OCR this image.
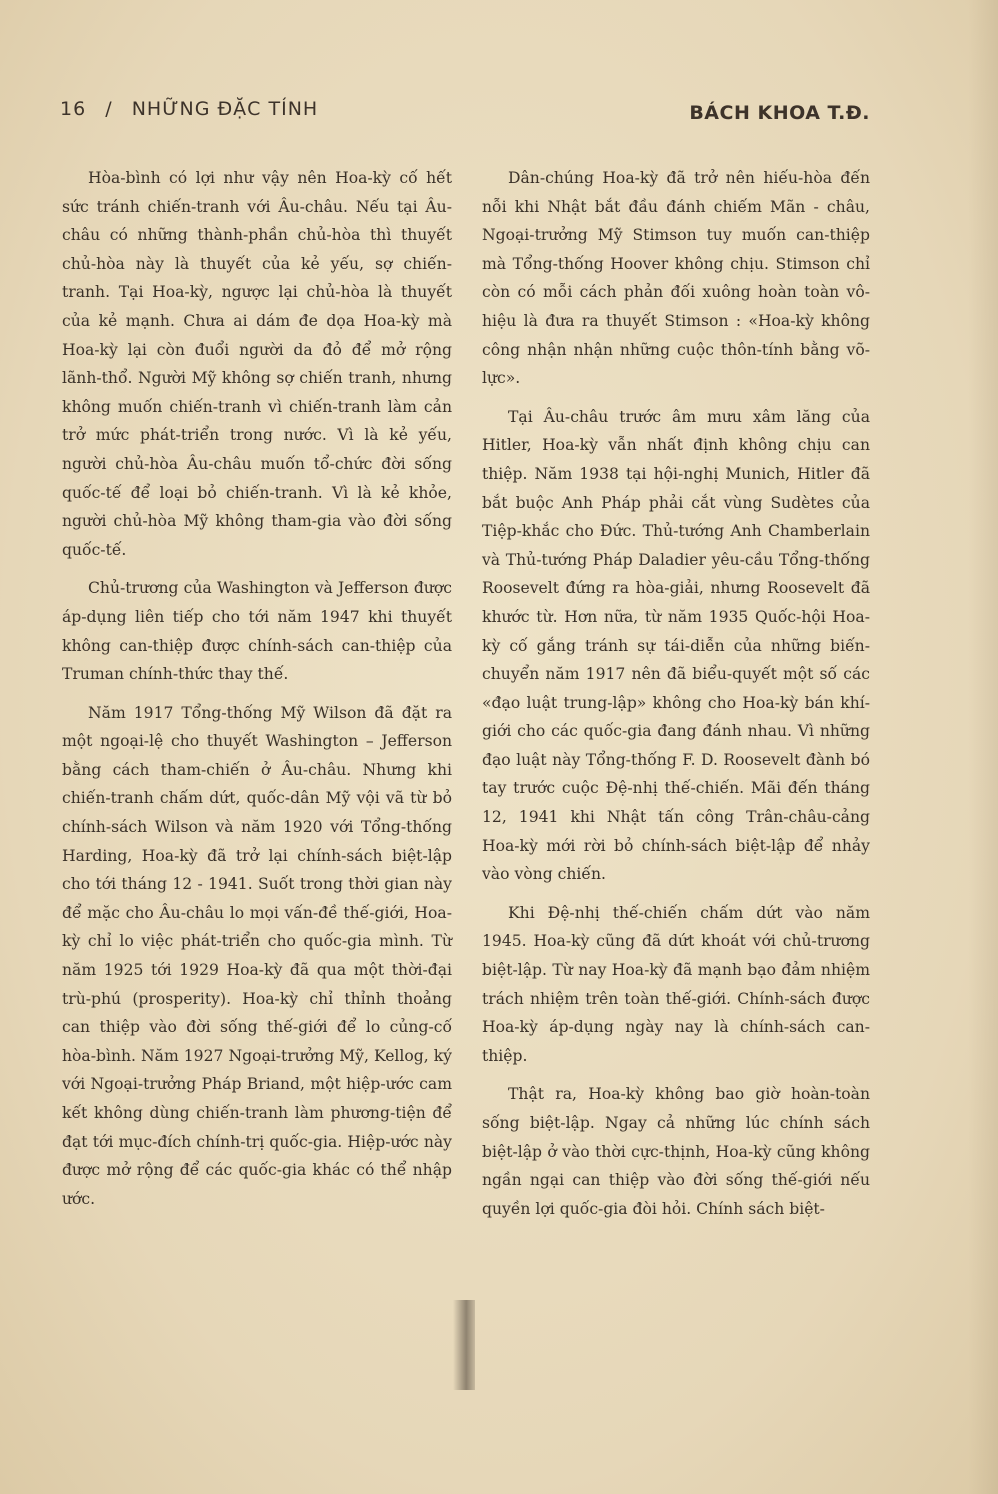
16 / NHỮNG ĐẶC TÍNH	BÁCH KHOA T.Đ.

Hòa-bình có lợi như vậy nên Hoa-kỳ cố hết sức tránh chiến-tranh với Âu-châu. Nếu tại Âu-châu có những thành-phần chủ-hòa thì thuyết chủ-hòa này là thuyết của kẻ yếu, sợ chiến-tranh. Tại Hoa-kỳ, ngược lại chủ-hòa là thuyết của kẻ mạnh. Chưa ai dám đe dọa Hoa-kỳ mà Hoa-kỳ lại còn đuổi người da đỏ để mở rộng lãnh-thổ. Người Mỹ không sợ chiến tranh, nhưng không muốn chiến-tranh vì chiến-tranh làm cản trở mức phát-triển trong nước. Vì là kẻ yếu, người chủ-hòa Âu-châu muốn tổ-chức đời sống quốc-tế để loại bỏ chiến-tranh. Vì là kẻ khỏe, người chủ-hòa Mỹ không tham-gia vào đời sống quốc-tế.

Chủ-trương của Washington và Jefferson được áp-dụng liên tiếp cho tới năm 1947 khi thuyết không can-thiệp được chính-sách can-thiệp của Truman chính-thức thay thế.

Năm 1917 Tổng-thống Mỹ Wilson đã đặt ra một ngoại-lệ cho thuyết Washington – Jefferson bằng cách tham-chiến ở Âu-châu. Nhưng khi chiến-tranh chấm dứt, quốc-dân Mỹ vội vã từ bỏ chính-sách Wilson và năm 1920 với Tổng-thống Harding, Hoa-kỳ đã trở lại chính-sách biệt-lập cho tới tháng 12 - 1941. Suốt trong thời gian này để mặc cho Âu-châu lo mọi vấn-đề thế-giới, Hoa-kỳ chỉ lo việc phát-triển cho quốc-gia mình. Từ năm 1925 tới 1929 Hoa-kỳ đã qua một thời-đại trù-phú (prosperity). Hoa-kỳ chỉ thỉnh thoảng can thiệp vào đời sống thế-giới để lo củng-cố hòa-bình. Năm 1927 Ngoại-trưởng Mỹ, Kellog, ký với Ngoại-trưởng Pháp Briand, một hiệp-ước cam kết không dùng chiến-tranh làm phương-tiện để đạt tới mục-đích chính-trị quốc-gia. Hiệp-ước này được mở rộng để các quốc-gia khác có thể nhập ước.

Dân-chúng Hoa-kỳ đã trở nên hiếu-hòa đến nỗi khi Nhật bắt đầu đánh chiếm Mãn - châu, Ngoại-trưởng Mỹ Stimson tuy muốn can-thiệp mà Tổng-thống Hoover không chịu. Stimson chỉ còn có mỗi cách phản đối xuông hoàn toàn vô-hiệu là đưa ra thuyết Stimson : «Hoa-kỳ không công nhận nhận những cuộc thôn-tính bằng võ-lực».

Tại Âu-châu trước âm mưu xâm lăng của Hitler, Hoa-kỳ vẫn nhất định không chịu can thiệp. Năm 1938 tại hội-nghị Munich, Hitler đã bắt buộc Anh Pháp phải cắt vùng Sudètes của Tiệp-khắc cho Đức. Thủ-tướng Anh Chamberlain và Thủ-tướng Pháp Daladier yêu-cầu Tổng-thống Roosevelt đứng ra hòa-giải, nhưng Roosevelt đã khước từ. Hơn nữa, từ năm 1935 Quốc-hội Hoa-kỳ cố gắng tránh sự tái-diễn của những biến-chuyển năm 1917 nên đã biểu-quyết một số các «đạo luật trung-lập» không cho Hoa-kỳ bán khí-giới cho các quốc-gia đang đánh nhau. Vì những đạo luật này Tổng-thống F. D. Roosevelt đành bó tay trước cuộc Đệ-nhị thế-chiến. Mãi đến tháng 12, 1941 khi Nhật tấn công Trân-châu-cảng Hoa-kỳ mới rời bỏ chính-sách biệt-lập để nhảy vào vòng chiến.

Khi Đệ-nhị thế-chiến chấm dứt vào năm 1945. Hoa-kỳ cũng đã dứt khoát với chủ-trương biệt-lập. Từ nay Hoa-kỳ đã mạnh bạo đảm nhiệm trách nhiệm trên toàn thế-giới. Chính-sách được Hoa-kỳ áp-dụng ngày nay là chính-sách can-thiệp.

Thật ra, Hoa-kỳ không bao giờ hoàn-toàn sống biệt-lập. Ngay cả những lúc chính sách biệt-lập ở vào thời cực-thịnh, Hoa-kỳ cũng không ngần ngại can thiệp vào đời sống thế-giới nếu quyền lợi quốc-gia đòi hỏi. Chính sách biệt-
